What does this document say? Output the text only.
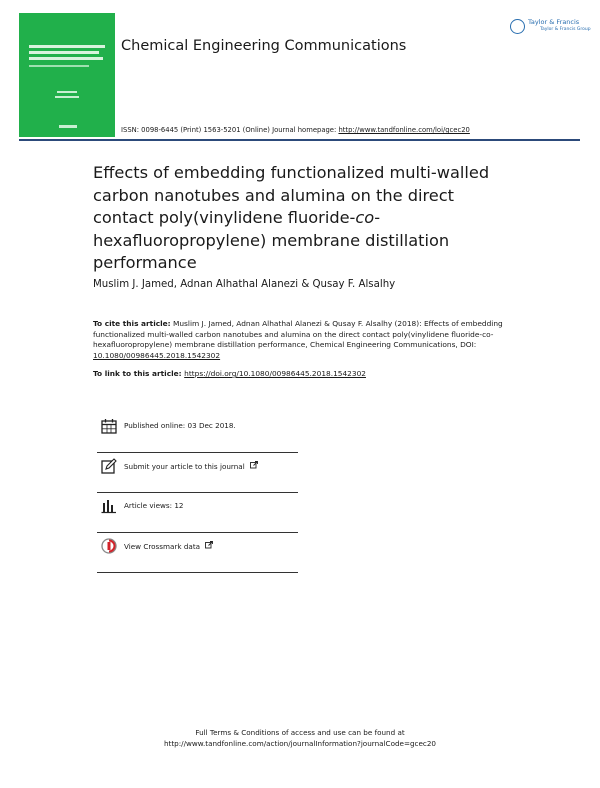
Chemical Engineering Communications
Taylor & Francis
Taylor & Francis Group
ISSN: 0098-6445 (Print) 1563-5201 (Online) Journal homepage: http://www.tandfonline.com/loi/gcec20
Effects of embedding functionalized multi-walled carbon nanotubes and alumina on the direct contact poly(vinylidene fluoride-co-hexafluoropropylene) membrane distillation performance
Muslim J. Jamed, Adnan Alhathal Alanezi & Qusay F. Alsalhy
To cite this article: Muslim J. Jamed, Adnan Alhathal Alanezi & Qusay F. Alsalhy (2018): Effects of embedding functionalized multi-walled carbon nanotubes and alumina on the direct contact poly(vinylidene fluoride-co-hexafluoropropylene) membrane distillation performance, Chemical Engineering Communications, DOI: 10.1080/00986445.2018.1542302
To link to this article: https://doi.org/10.1080/00986445.2018.1542302
Published online: 03 Dec 2018.
Submit your article to this journal
Article views: 12
View Crossmark data
Full Terms & Conditions of access and use can be found at
http://www.tandfonline.com/action/journalInformation?journalCode=gcec20
